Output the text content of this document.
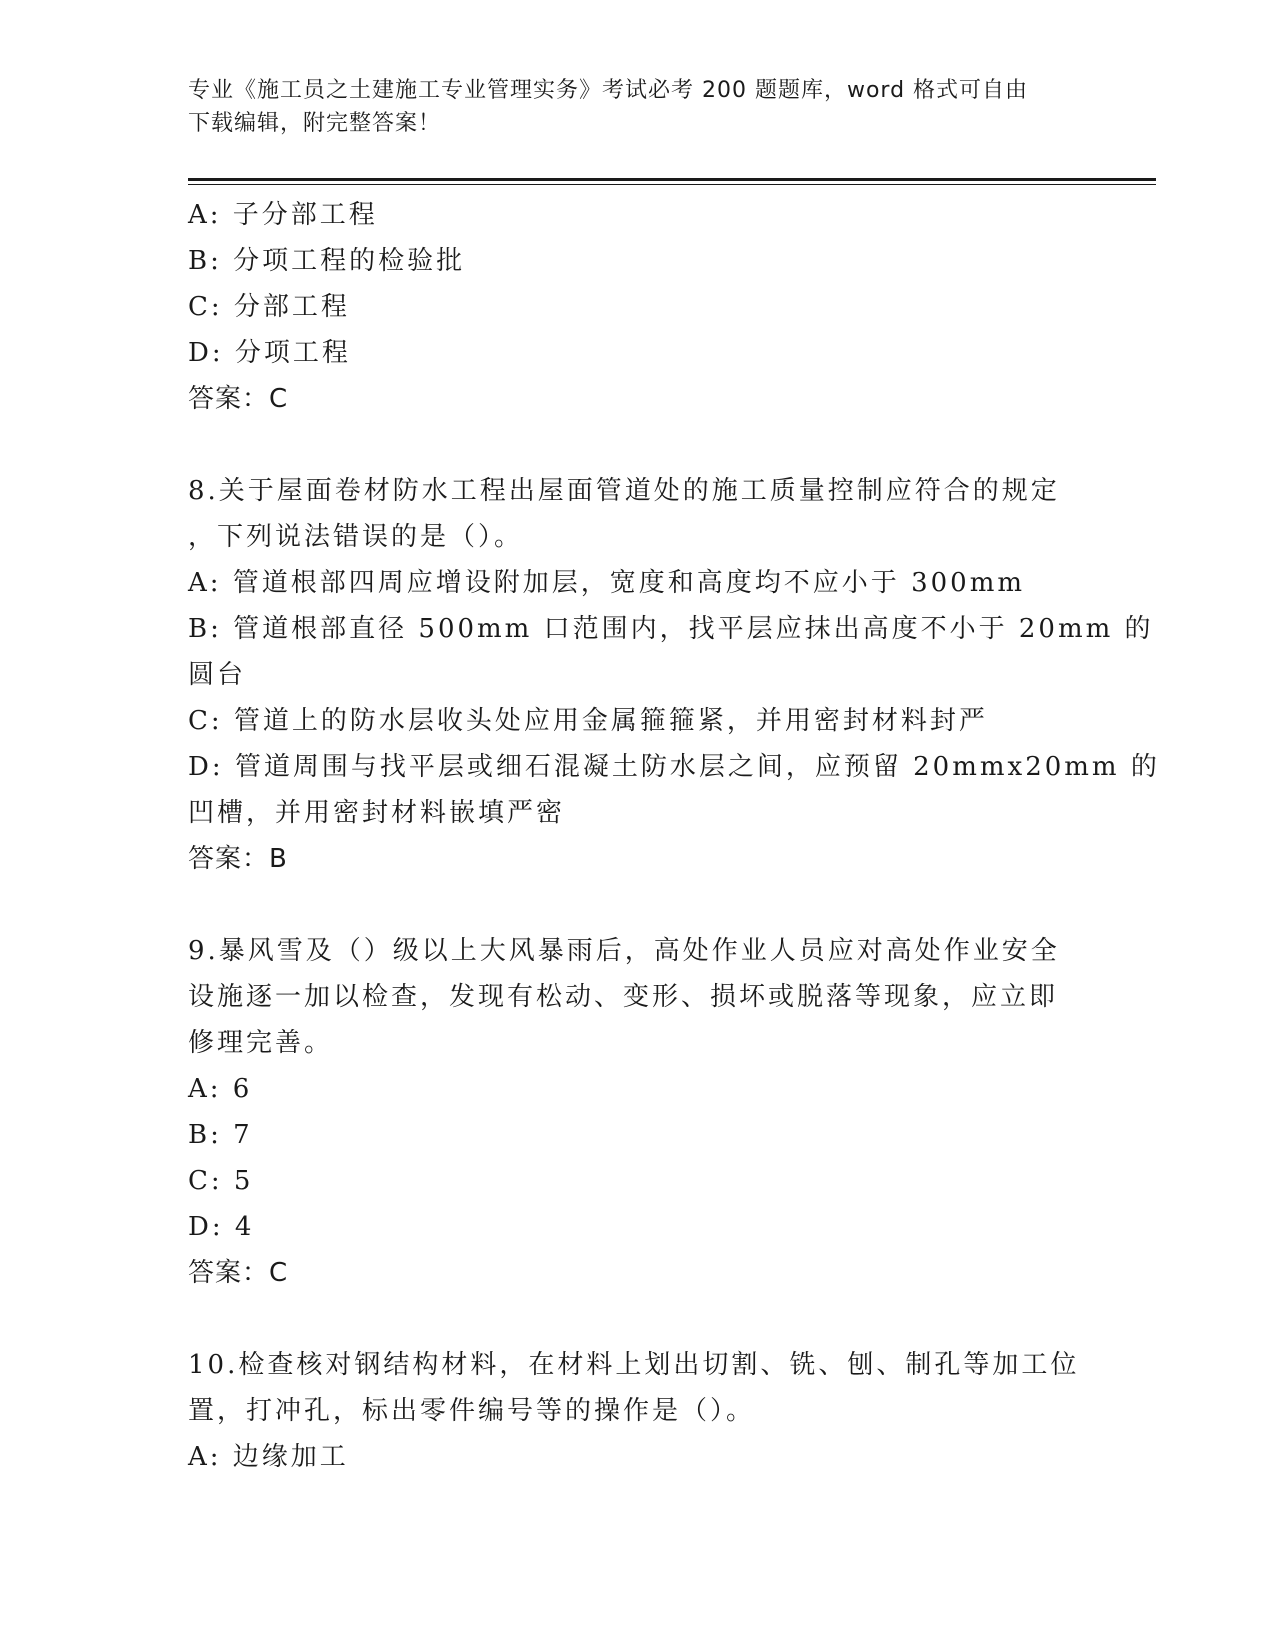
专业《施工员之土建施工专业管理实务》考试必考 200 题题库，word 格式可自由
下载编辑，附完整答案！
A: 子分部工程
B: 分项工程的检验批
C: 分部工程
D: 分项工程
答案：C
8.关于屋面卷材防水工程出屋面管道处的施工质量控制应符合的规定
，下列说法错误的是（）。
A: 管道根部四周应增设附加层，宽度和高度均不应小于 300mm
B: 管道根部直径 500mm 口范围内，找平层应抹出高度不小于 20mm 的
圆台
C: 管道上的防水层收头处应用金属箍箍紧，并用密封材料封严
D: 管道周围与找平层或细石混凝土防水层之间，应预留 20mmx20mm 的
凹槽，并用密封材料嵌填严密
答案：B
9.暴风雪及（）级以上大风暴雨后，高处作业人员应对高处作业安全
设施逐一加以检查，发现有松动、变形、损坏或脱落等现象，应立即
修理完善。
A: 6
B: 7
C: 5
D: 4
答案：C
10.检查核对钢结构材料，在材料上划出切割、铣、刨、制孔等加工位
置，打冲孔，标出零件编号等的操作是（）。
A: 边缘加工
